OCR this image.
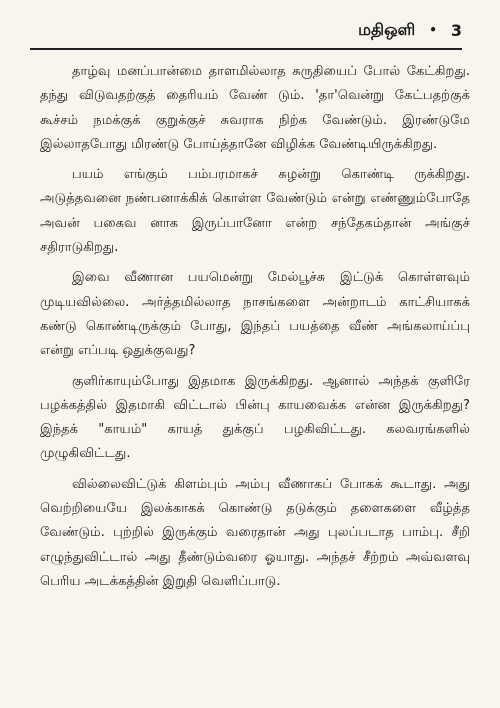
மதிஒளி • 3

தாழ்வு மனப்பான்மை தாளமில்லாத சுருதியைப் போல் கேட்கிறது. தந்து விடுவதற்குத் தைரியம் வேண் டும். 'தா'வென்று கேட்பதற்குக் கூச்சம் நமக்குக் குறுக்குச் சுவராக நிற்க வேண்டும். இரண்டுமே இல்லாதபோது மிரண்டு போய்த்தானே விழிக்க வேண்டியிருக்கிறது.

பயம் எங்கும் பம்பரமாகச் சுழன்று கொண்டி ருக்கிறது. அடுத்தவனை நண்பனாக்கிக் கொள்ள வேண்டும் என்று எண்ணும்போதே அவன் பகைவ னாக இருப்பானோ என்ற சந்தேகம்தான் அங்குச் சதிராடுகிறது.

இவை வீணான பயமென்று மேல்பூச்சு இட்டுக் கொள்ளவும் முடியவில்லை. அர்த்தமில்லாத நாசங்களை அன்றாடம் காட்சியாகக் கண்டு கொண்டிருக்கும் போது, இந்தப் பயத்தை வீண் அங்கலாய்ப்பு என்று எப்படி ஒதுக்குவது?

குளிர்காயும்போது இதமாக இருக்கிறது. ஆனால் அந்தக் குளிரே பழக்கத்தில் இதமாகி விட்டால் பின்பு காயவைக்க என்ன இருக்கிறது? இந்தக் "காயம்" காயத் துக்குப் பழகிவிட்டது. கலவரங்களில் முழுகிவிட்டது.

வில்லைவிட்டுக் கிளம்பும் அம்பு வீணாகப் போகக் கூடாது. அது வெற்றியையே இலக்காகக் கொண்டு தடுக்கும் தளைகளை வீழ்த்த வேண்டும். புற்றில் இருக்கும் வரைதான் அது புலப்படாத பாம்பு. சீறி எழுந்துவிட்டால் அது தீண்டும்வரை ஓயாது. அந்தச் சீற்றம் அவ்வளவு பெரிய அடக்கத்தின் இறுதி வெளிப்பாடு.
